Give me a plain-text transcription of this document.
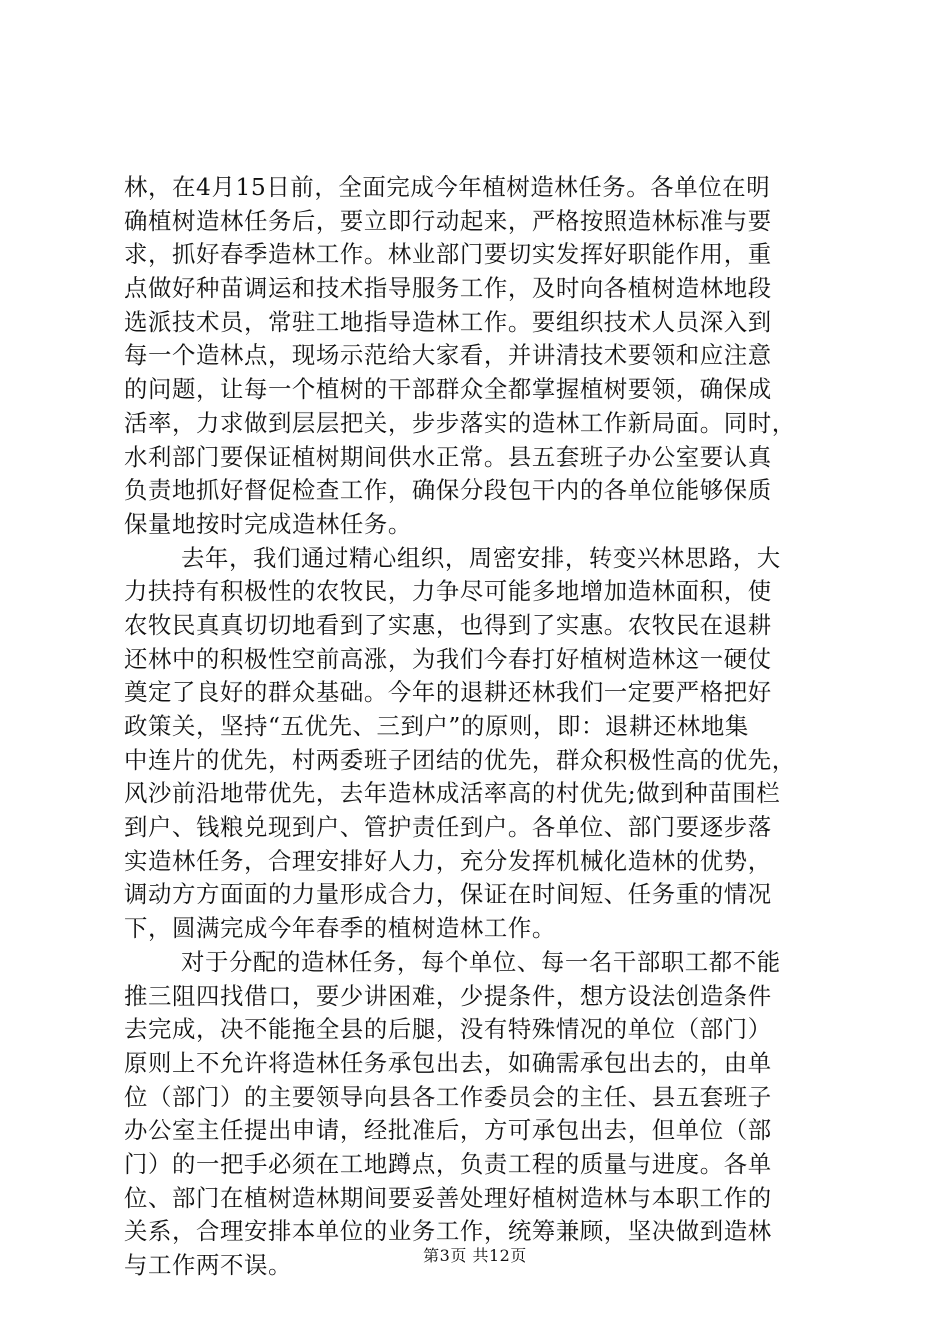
林，在4月15日前，全面完成今年植树造林任务。各单位在明
确植树造林任务后，要立即行动起来，严格按照造林标准与要
求，抓好春季造林工作。林业部门要切实发挥好职能作用，重
点做好种苗调运和技术指导服务工作，及时向各植树造林地段
选派技术员，常驻工地指导造林工作。要组织技术人员深入到
每一个造林点，现场示范给大家看，并讲清技术要领和应注意
的问题，让每一个植树的干部群众全都掌握植树要领，确保成
活率，力求做到层层把关，步步落实的造林工作新局面。同时，
水利部门要保证植树期间供水正常。县五套班子办公室要认真
负责地抓好督促检查工作，确保分段包干内的各单位能够保质
保量地按时完成造林任务。
去年，我们通过精心组织，周密安排，转变兴林思路，大
力扶持有积极性的农牧民，力争尽可能多地增加造林面积，使
农牧民真真切切地看到了实惠，也得到了实惠。农牧民在退耕
还林中的积极性空前高涨，为我们今春打好植树造林这一硬仗
奠定了良好的群众基础。今年的退耕还林我们一定要严格把好
政策关，坚持“五优先、三到户”的原则，即：退耕还林地集
中连片的优先，村两委班子团结的优先，群众积极性高的优先，
风沙前沿地带优先，去年造林成活率高的村优先;做到种苗围栏
到户、钱粮兑现到户、管护责任到户。各单位、部门要逐步落
实造林任务，合理安排好人力，充分发挥机械化造林的优势，
调动方方面面的力量形成合力，保证在时间短、任务重的情况
下，圆满完成今年春季的植树造林工作。
对于分配的造林任务，每个单位、每一名干部职工都不能
推三阻四找借口，要少讲困难，少提条件，想方设法创造条件
去完成，决不能拖全县的后腿，没有特殊情况的单位（部门）
原则上不允许将造林任务承包出去，如确需承包出去的，由单
位（部门）的主要领导向县各工作委员会的主任、县五套班子
办公室主任提出申请，经批准后，方可承包出去，但单位（部
门）的一把手必须在工地蹲点，负责工程的质量与进度。各单
位、部门在植树造林期间要妥善处理好植树造林与本职工作的
关系，合理安排本单位的业务工作，统筹兼顾，坚决做到造林
与工作两不误。	第3页 共12页
